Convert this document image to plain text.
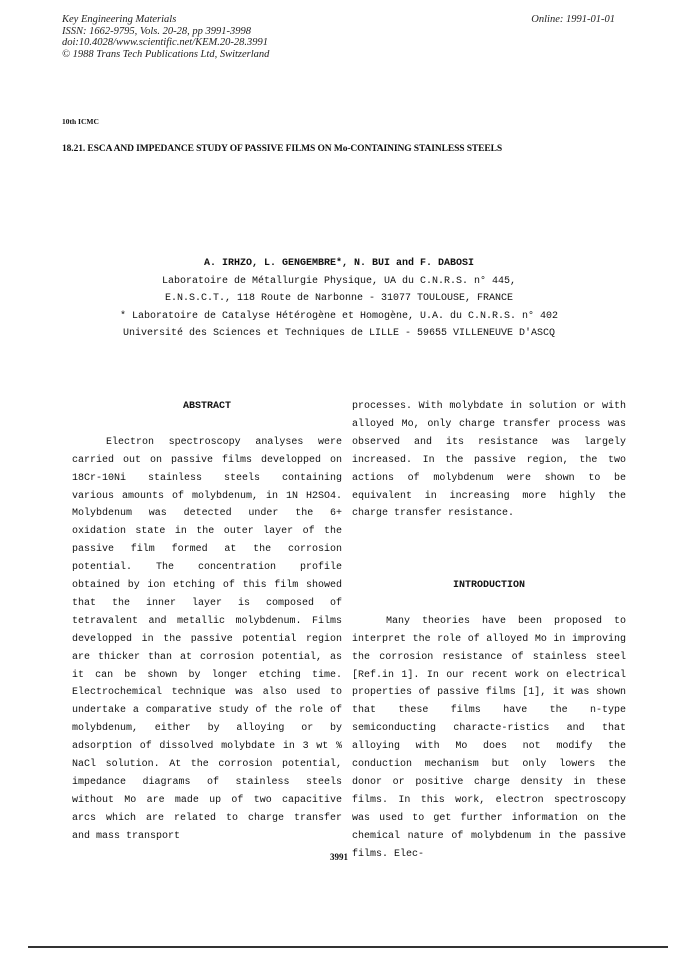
Key Engineering Materials
ISSN: 1662-9795, Vols. 20-28, pp 3991-3998
doi:10.4028/www.scientific.net/KEM.20-28.3991
© 1988 Trans Tech Publications Ltd, Switzerland
Online: 1991-01-01
10th ICMC
18.21. ESCA AND IMPEDANCE STUDY OF PASSIVE FILMS ON Mo-CONTAINING STAINLESS STEELS
A. IRHZO, L. GENGEMBRE*, N. BUI and F. DABOSI
Laboratoire de Métallurgie Physique, UA du C.N.R.S. n° 445,
E.N.S.C.T., 118 Route de Narbonne - 31077 TOULOUSE, FRANCE
* Laboratoire de Catalyse Hétérogène et Homogène, U.A. du C.N.R.S. n° 402
Université des Sciences et Techniques de LILLE - 59655 VILLENEUVE D'ASCQ
ABSTRACT

Electron spectroscopy analyses were carried out on passive films developped on 18Cr-10Ni stainless steels containing various amounts of molybdenum, in 1N H2SO4. Molybdenum was detected under the 6+ oxidation state in the outer layer of the passive film formed at the corrosion potential. The concentration profile obtained by ion etching of this film showed that the inner layer is composed of tetravalent and metallic molybdenum. Films developped in the passive potential region are thicker than at corrosion potential, as it can be shown by longer etching time. Electrochemical technique was also used to undertake a comparative study of the role of molybdenum, either by alloying or by adsorption of dissolved molybdate in 3 wt % NaCl solution. At the corrosion potential, impedance diagrams of stainless steels without Mo are made up of two capacitive arcs which are related to charge transfer and mass transport

processes. With molybdate in solution or with alloyed Mo, only charge transfer process was observed and its resistance was largely increased. In the passive region, the two actions of molybdenum were shown to be equivalent in increasing more highly the charge transfer resistance.

INTRODUCTION

Many theories have been proposed to interpret the role of alloyed Mo in improving the corrosion resistance of stainless steel [Ref.in 1]. In our recent work on electrical properties of passive films [1], it was shown that these films have the n-type semiconducting characte-ristics and that alloying with Mo does not modify the conduction mechanism but only lowers the donor or positive charge density in these films. In this work, electron spectroscopy was used to get further information on the chemical nature of molybdenum in the passive films. Elec-

3991
